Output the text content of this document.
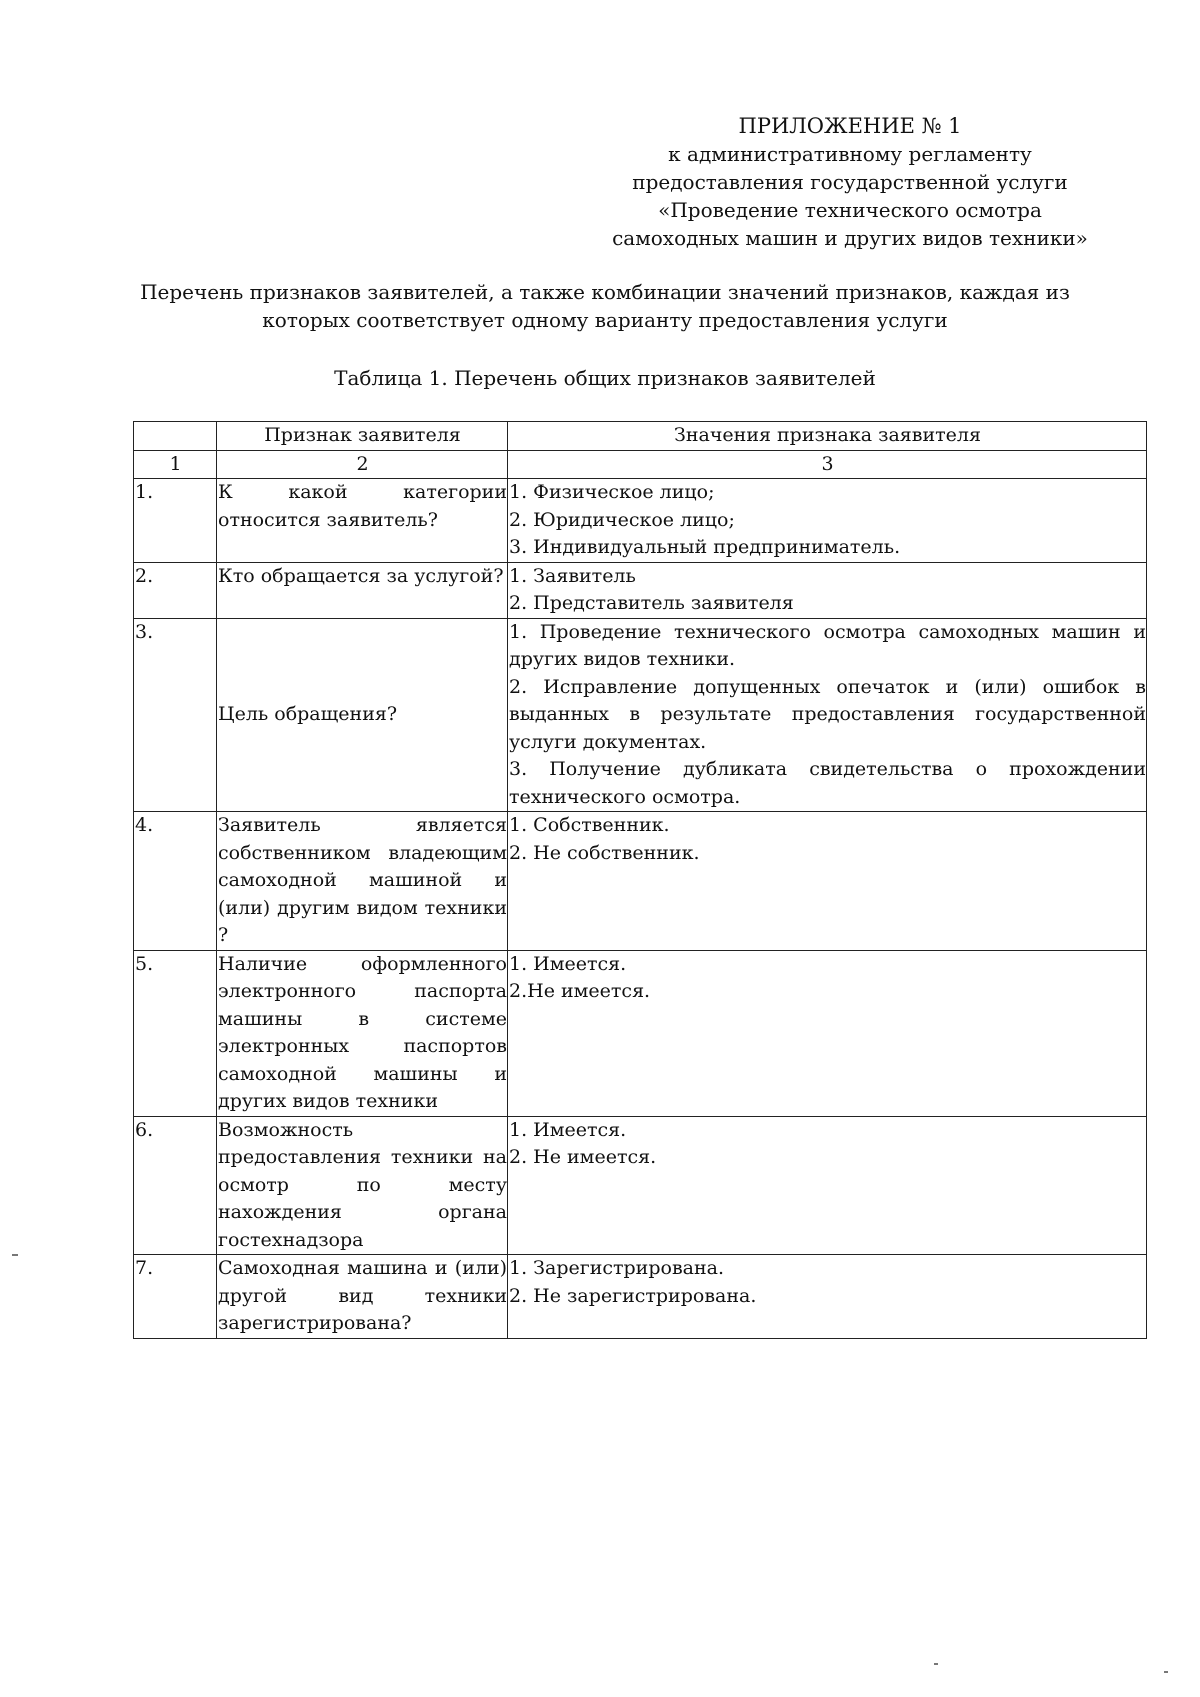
ПРИЛОЖЕНИЕ № 1
к административному регламенту
предоставления государственной услуги
«Проведение технического осмотра
самоходных машин и других видов техники»
Перечень признаков заявителей, а также комбинации значений признаков, каждая из
которых соответствует одному варианту предоставления услуги
Таблица 1. Перечень общих признаков заявителей
	Признак заявителя	Значения признака заявителя
1	2	3
1.	К какой категории относится заявитель?	1. Физическое лицо;
2. Юридическое лицо;
3. Индивидуальный предприниматель.

2.	Кто обращается за услугой?	1. Заявитель
2. Представитель заявителя

3.	Цель обращения?	1. Проведение технического осмотра самоходных машин и других видов техники.
2. Исправление допущенных опечаток и (или) ошибок в выданных в результате предоставления государственной услуги документах.
3. Получение дубликата свидетельства о прохождении технического осмотра.

4.	Заявитель является собственником владеющим самоходной машиной и (или) другим видом техники ?	1. Собственник.
2. Не собственник.

5.	Наличие оформленного электронного паспорта машины в системе электронных паспортов самоходной машины и других видов техники	1. Имеется.
2.Не имеется.

6.	Возможность предоставления техники на осмотр по месту нахождения органа гостехнадзора	1. Имеется.
2. Не имеется.

7.	Самоходная машина и (или) другой вид техники зарегистрирована?	1. Зарегистрирована.
2. Не зарегистрирована.
